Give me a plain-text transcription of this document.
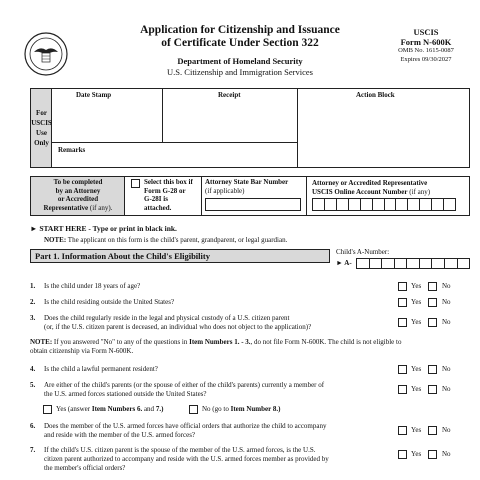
Application for Citizenship and Issuance
of Certificate Under Section 322
Department of Homeland Security
U.S. Citizenship and Immigration Services
USCIS
Form N-600K
OMB No. 1615-0087
Expires 09/30/2027
For
USCIS
Use
Only
Date Stamp	Receipt	Action Block
Remarks
To be completed
by an Attorney
or Accredited
Representative (if any).
Select this box if
Form G-28 or
G-28I is
attached.
Attorney State Bar Number
(if applicable)
Attorney or Accredited Representative
USCIS Online Account Number (if any)
► START HERE - Type or print in black ink.
NOTE: The applicant on this form is the child's parent, grandparent, or legal guardian.
Part 1. Information About the Child's Eligibility	Child's A-Number:
► A-
1. Is the child under 18 years of age?	Yes	No
2. Is the child residing outside the United States?	Yes	No
3. Does the child regularly reside in the legal and physical custody of a U.S. citizen parent
(or, if the U.S. citizen parent is deceased, an individual who does not object to the application)?
Yes	No
4. Is the child a lawful permanent resident?	Yes	No
5. Are either of the child's parents (or the spouse of either of the child's parents) currently a member of
the U.S. armed forces stationed outside the United States?
Yes	No
6. Does the member of the U.S. armed forces have official orders that authorize the child to accompany
and reside with the member of the U.S. armed forces?
Yes	No
7. If the child's U.S. citizen parent is the spouse of the member of the U.S. armed forces, is the U.S.
citizen parent authorized to accompany and reside with the U.S. armed forces member as provided by
the member's official orders?
Yes	No
NOTE: If you answered "No" to any of the questions in Item Numbers 1. - 3., do not file Form N-600K. The child is not eligible to
obtain citizenship via Form N-600K.
Yes (answer Item Numbers 6. and 7.)	No (go to Item Number 8.)
